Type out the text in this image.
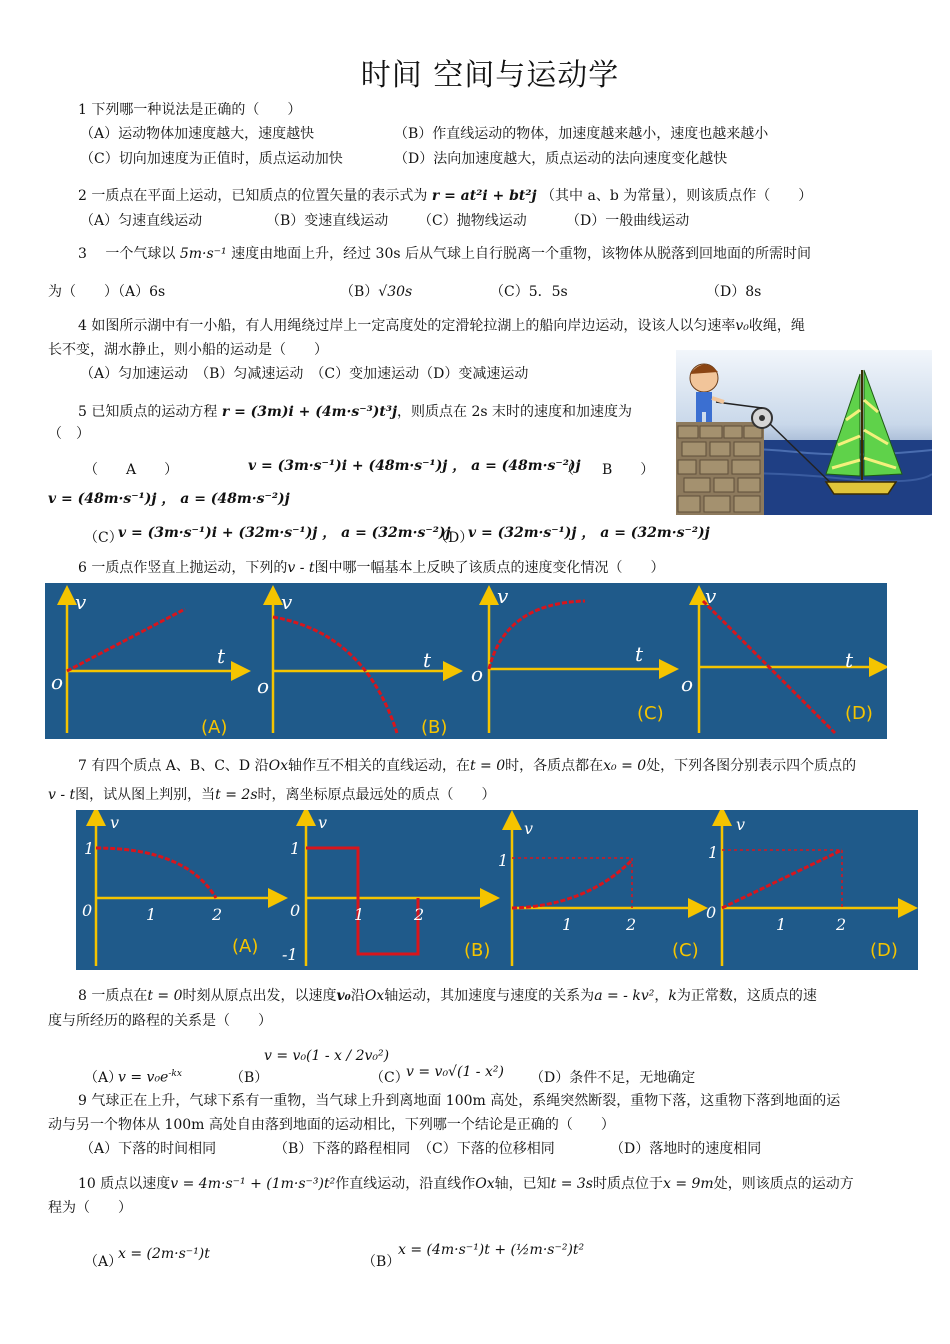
时间 空间与运动学
1 下列哪一种说法是正确的（　　）
（A）运动物体加速度越大，速度越快	（B）作直线运动的物体，加速度越来越小，速度也越来越小
（C）切向加速度为正值时，质点运动加快	（D）法向加速度越大，质点运动的法向速度变化越快
2 一质点在平面上运动，已知质点的位置矢量的表示式为 r = at²i + bt²j （其中 a、b 为常量），则该质点作（　　）
（A）匀速直线运动	（B）变速直线运动 （C）抛物线运动	（D）一般曲线运动
3 　一个气球以 5m·s⁻¹ 速度由地面上升，经过 30s 后从气球上自行脱离一个重物，该物体从脱落到回地面的所需时间
为（　　）（A）6s	（B）√30s	（C）5．5s	（D）8s
4 如图所示湖中有一小船，有人用绳绕过岸上一定高度处的定滑轮拉湖上的船向岸边运动，设该人以匀速率v₀收绳，绳
长不变，湖水静止，则小船的运动是（　　）
（A）匀加速运动　（B）匀减速运动　（C）变加速运动（D）变减速运动
5 已知质点的运动方程 r = (3m)i + (4m·s⁻³)t³j，则质点在 2s 末时的速度和加速度为
（　）
（　　A　　）	v = (3m·s⁻¹)i + (48m·s⁻¹)j ， a = (48m·s⁻²)j
（　　B　　）
v = (48m·s⁻¹)j ， a = (48m·s⁻²)j
（C）
v = (3m·s⁻¹)i + (32m·s⁻¹)j ， a = (32m·s⁻²)j
（D）
v = (32m·s⁻¹)j ， a = (32m·s⁻²)j
6 一质点作竖直上抛运动，下列的v - t图中哪一幅基本上反映了该质点的速度变化情况（　　）
v
t
o
v
t
o
v
t
o
v
t
o
(A)	(B)
(C)	(D)
7 有四个质点 A、B、C、D 沿Ox轴作互不相关的直线运动，在t = 0时，各质点都在x₀ = 0处，下列各图分别表示四个质点的
v - t图，试从图上判别，当t = 2s时，离坐标原点最远处的质点（　　）
v
1
0	1	2
v
1
0
-1
1	2
v
1
1	2
v
1
0
1	2
(A)	(B)	(C)	(D)
8 一质点在t = 0时刻从原点出发，以速度v₀沿Ox轴运动，其加速度与速度的关系为a = - kv²，k为正常数，这质点的速
度与所经历的路程的关系是（　　）
（A）
$v = v_0e^{-kx}$	（B）
v = v₀(1 - x / 2v₀²)
（C）
v = v₀√(1 - x²) （D）条件不足，无地确定
9 气球正在上升，气球下系有一重物，当气球上升到离地面 100m 高处，系绳突然断裂，重物下落，这重物下落到地面的运
动与另一个物体从 100m 高处自由落到地面的运动相比，下列哪一个结论是正确的（　　）
（A）下落的时间相同	（B）下落的路程相同 （C）下落的位移相同	（D）落地时的速度相同
10 质点以速度v = 4m·s⁻¹ + (1m·s⁻³)t²作直线运动，沿直线作Ox轴，已知t = 3s时质点位于x = 9m处，则该质点的运动方
程为（　　）
（A）
x = (2m·s⁻¹)t	（B）
x = (4m·s⁻¹)t + (½m·s⁻²)t²
